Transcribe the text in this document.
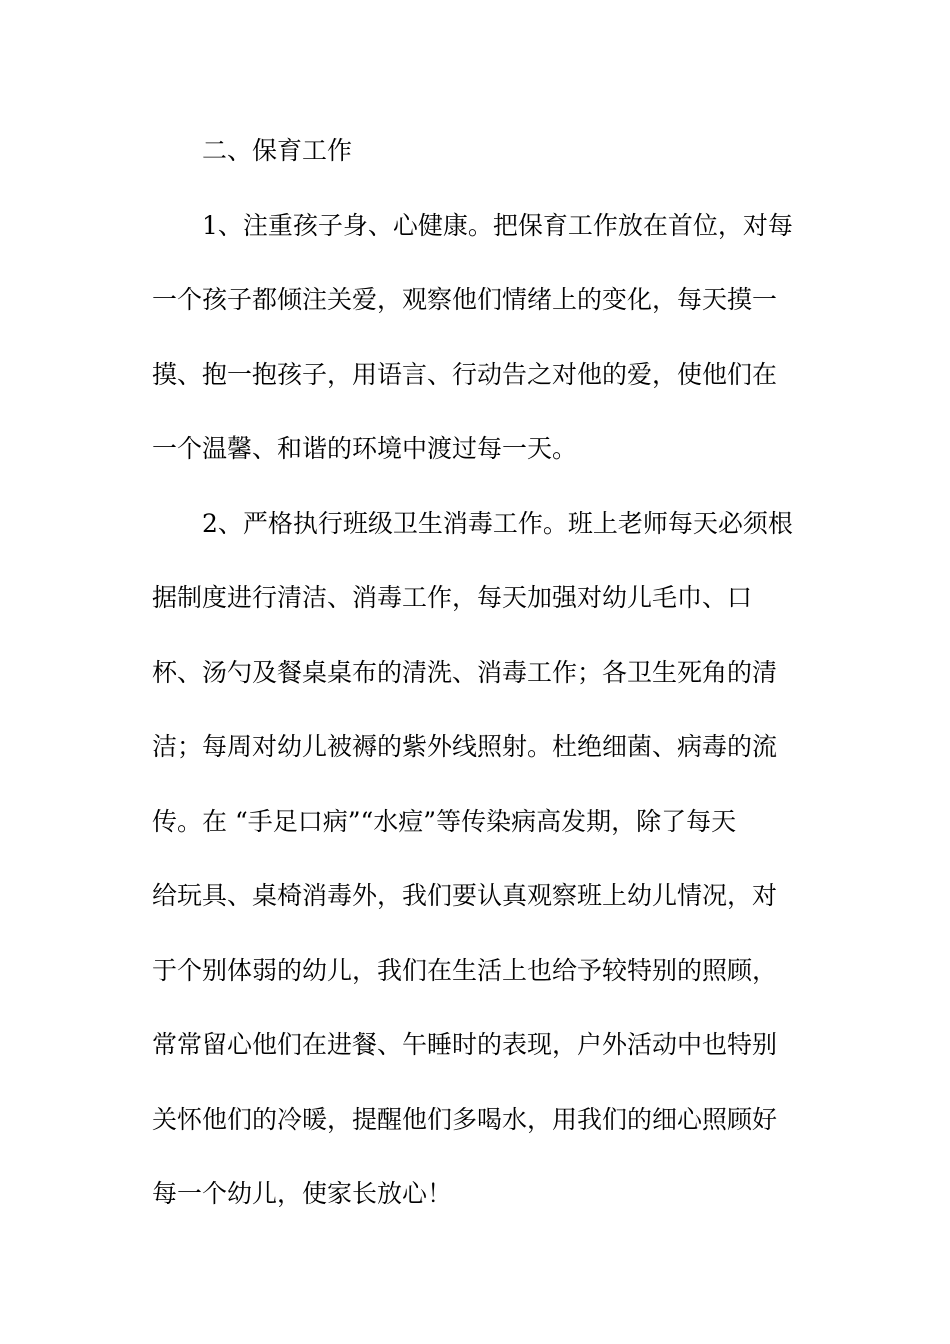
二、保育工作
1、注重孩子身、心健康。把保育工作放在首位，对每
一个孩子都倾注关爱，观察他们情绪上的变化，每天摸一
摸、抱一抱孩子，用语言、行动告之对他的爱，使他们在
一个温馨、和谐的环境中渡过每一天。
2、严格执行班级卫生消毒工作。班上老师每天必须根
据制度进行清洁、消毒工作，每天加强对幼儿毛巾、口
杯、汤勺及餐桌桌布的清洗、消毒工作；各卫生死角的清
洁；每周对幼儿被褥的紫外线照射。杜绝细菌、病毒的流
传。在 “手足口病”“水痘”等传染病高发期，除了每天
给玩具、桌椅消毒外，我们要认真观察班上幼儿情况，对
于个别体弱的幼儿，我们在生活上也给予较特别的照顾，
常常留心他们在进餐、午睡时的表现，户外活动中也特别
关怀他们的冷暖，提醒他们多喝水，用我们的细心照顾好
每一个幼儿，使家长放心！
